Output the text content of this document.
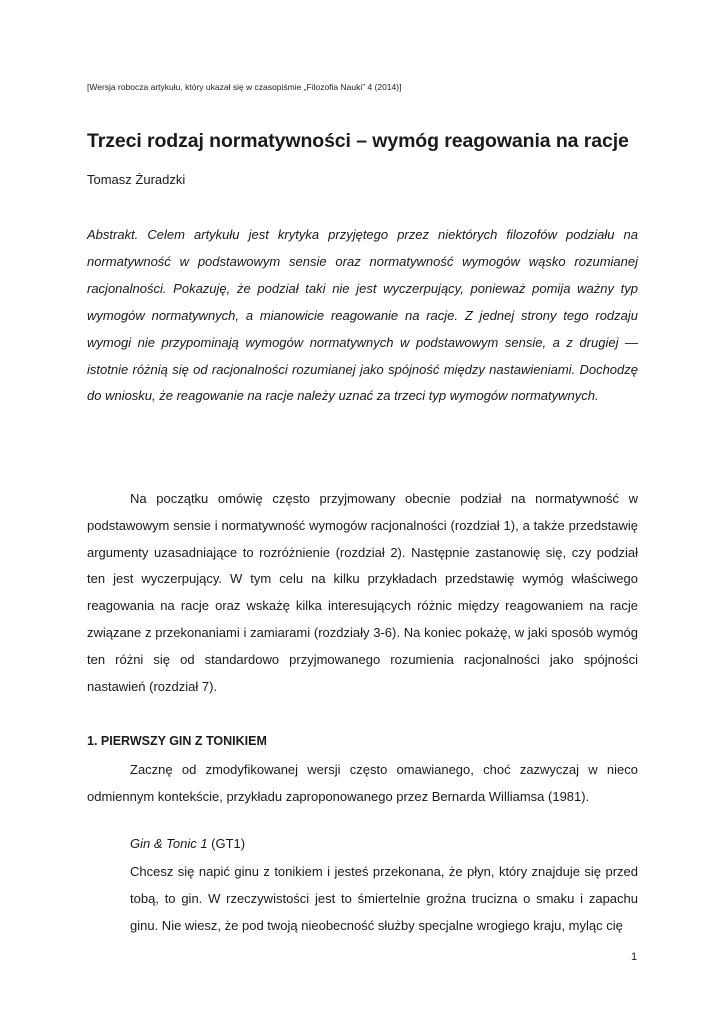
[Wersja robocza artykułu, który ukazał się w czasopiśmie „Filozofia Nauki” 4 (2014)]
Trzeci rodzaj normatywności – wymóg reagowania na racje
Tomasz Żuradzki

Abstrakt. Celem artykułu jest krytyka przyjętego przez niektórych filozofów podziału na normatywność w podstawowym sensie oraz normatywność wymogów wąsko rozumianej racjonalności. Pokazuję, że podział taki nie jest wyczerpujący, ponieważ pomija ważny typ wymogów normatywnych, a mianowicie reagowanie na racje. Z jednej strony tego rodzaju wymogi nie przypominają wymogów normatywnych w podstawowym sensie, a z drugiej — istotnie różnią się od racjonalności rozumianej jako spójność między nastawieniami. Dochodzę do wniosku, że reagowanie na racje należy uznać za trzeci typ wymogów normatywnych.

Na początku omówię często przyjmowany obecnie podział na normatywność w podstawowym sensie i normatywność wymogów racjonalności (rozdział 1), a także przedstawię argumenty uzasadniające to rozróżnienie (rozdział 2). Następnie zastanowię się, czy podział ten jest wyczerpujący. W tym celu na kilku przykładach przedstawię wymóg właściwego reagowania na racje oraz wskażę kilka interesujących różnic między reagowaniem na racje związane z przekonaniami i zamiarami (rozdziały 3-6). Na koniec pokażę, w jaki sposób wymóg ten różni się od standardowo przyjmowanego rozumienia racjonalności jako spójności nastawień (rozdział 7).

1. PIERWSZY GIN Z TONIKIEM

Zacznę od zmodyfikowanej wersji często omawianego, choć zazwyczaj w nieco odmiennym kontekście, przykładu zaproponowanego przez Bernarda Williamsa (1981).

Gin & Tonic 1 (GT1)

Chcesz się napić ginu z tonikiem i jesteś przekonana, że płyn, który znajduje się przed tobą, to gin. W rzeczywistości jest to śmiertelnie groźna trucizna o smaku i zapachu ginu. Nie wiesz, że pod twoją nieobecność służby specjalne wrogiego kraju, myląc cię

1
